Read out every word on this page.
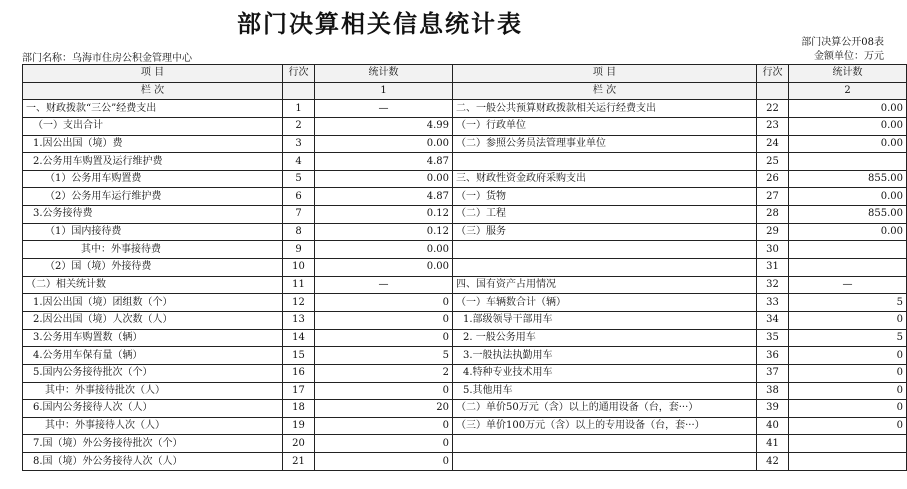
部门决算相关信息统计表
部门决算公开08表
部门名称：乌海市住房公积金管理中心	金额单位：万元
项 目	行次	统计数	项 目	行次	统计数
栏 次		1	栏 次		2
一、财政拨款“三公”经费支出	1	—	二、一般公共预算财政拨款相关运行经费支出	22	0.00
（一）支出合计	2	4.99	（一）行政单位	23	0.00
1.因公出国（境）费	3	0.00	（二）参照公务员法管理事业单位	24	0.00
2.公务用车购置及运行维护费	4	4.87		25	
（1）公务用车购置费	5	0.00	三、财政性资金政府采购支出	26	855.00
（2）公务用车运行维护费	6	4.87	（一）货物	27	0.00
3.公务接待费	7	0.12	（二）工程	28	855.00
（1）国内接待费	8	0.12	（三）服务	29	0.00
其中：外事接待费	9	0.00		30	
（2）国（境）外接待费	10	0.00		31	
（二）相关统计数	11	—	四、国有资产占用情况	32	—
1.因公出国（境）团组数（个）	12	0	（一）车辆数合计（辆）	33	5
2.因公出国（境）人次数（人）	13	0	1.部级领导干部用车	34	0
3.公务用车购置数（辆）	14	0	2. 一般公务用车	35	5
4.公务用车保有量（辆）	15	5	3.一般执法执勤用车	36	0
5.国内公务接待批次（个）	16	2	4.特种专业技术用车	37	0
其中：外事接待批次（人）	17	0	5.其他用车	38	0
6.国内公务接待人次（人）	18	20	（二）单价50万元（含）以上的通用设备（台，套···）	39	0
其中：外事接待人次（人）	19	0	（三）单价100万元（含）以上的专用设备（台，套···）	40	0
7.国（境）外公务接待批次（个）	20	0		41	
8.国（境）外公务接待人次（人）	21	0		42	
